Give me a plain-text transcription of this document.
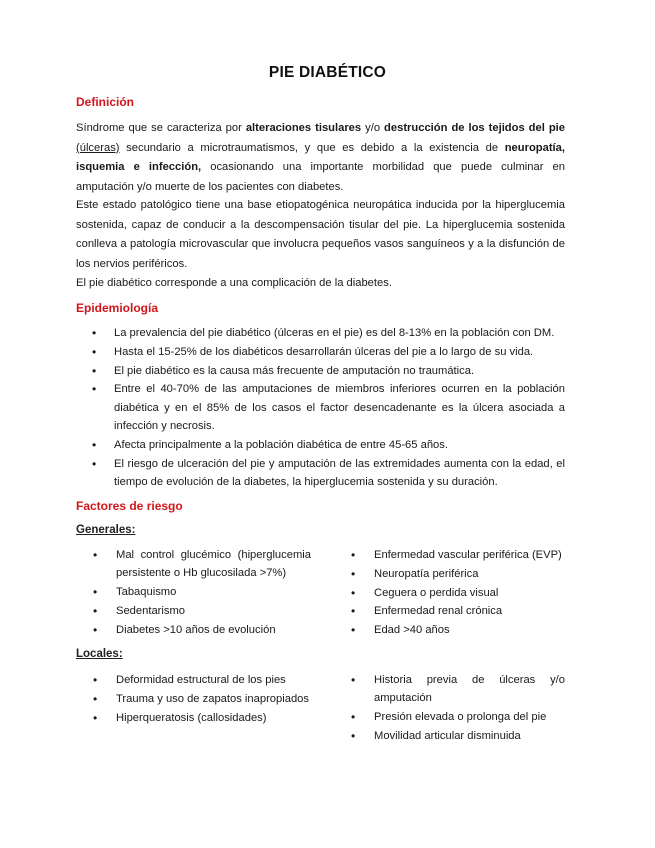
PIE DIABÉTICO
Definición
Síndrome que se caracteriza por alteraciones tisulares y/o destrucción de los tejidos del pie (úlceras) secundario a microtraumatismos, y que es debido a la existencia de neuropatía, isquemia e infección, ocasionando una importante morbilidad que puede culminar en amputación y/o muerte de los pacientes con diabetes.
Este estado patológico tiene una base etiopatogénica neuropática inducida por la hiperglucemia sostenida, capaz de conducir a la descompensación tisular del pie. La hiperglucemia sostenida conlleva a patología microvascular que involucra pequeños vasos sanguíneos y a la disfunción de los nervios periféricos.
El pie diabético corresponde a una complicación de la diabetes.
Epidemiología
• La prevalencia del pie diabético (úlceras en el pie) es del 8-13% en la población con DM.
• Hasta el 15-25% de los diabéticos desarrollarán úlceras del pie a lo largo de su vida.
• El pie diabético es la causa más frecuente de amputación no traumática.
• Entre el 40-70% de las amputaciones de miembros inferiores ocurren en la población diabética y en el 85% de los casos el factor desencadenante es la úlcera asociada a infección y necrosis.
• Afecta principalmente a la población diabética de entre 45-65 años.
• El riesgo de ulceración del pie y amputación de las extremidades aumenta con la edad, el tiempo de evolución de la diabetes, la hiperglucemia sostenida y su duración.
Factores de riesgo
Generales:
• Mal control glucémico (hiperglucemia persistente o Hb glucosilada >7%)
• Tabaquismo
• Sedentarismo
• Diabetes >10 años de evolución
• Enfermedad vascular periférica (EVP)
• Neuropatía periférica
• Ceguera o perdida visual
• Enfermedad renal crónica
• Edad >40 años
Locales:
• Deformidad estructural de los pies
• Trauma y uso de zapatos inapropiados
• Hiperqueratosis (callosidades)
• Historia previa de úlceras y/o amputación
• Presión elevada o prolonga del pie
• Movilidad articular disminuida
